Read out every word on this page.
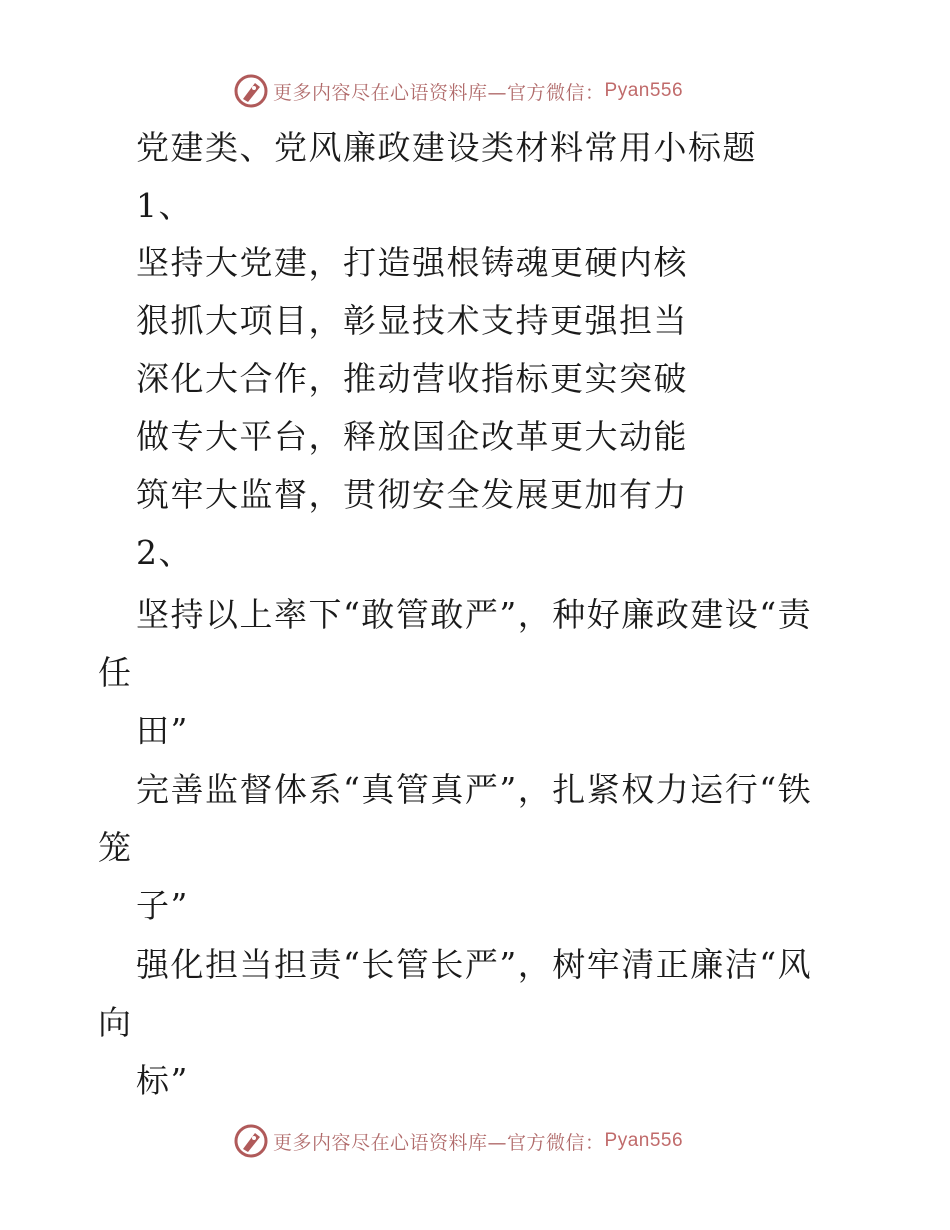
更多内容尽在心语资料库—官方微信： Pyan556
党建类、党风廉政建设类材料常用小标题
1、
坚持大党建，打造强根铸魂更硬内核
狠抓大项目，彰显技术支持更强担当
深化大合作，推动营收指标更实突破
做专大平台，释放国企改革更大动能
筑牢大监督，贯彻安全发展更加有力
2、
坚持以上率下“敢管敢严”，种好廉政建设“责
任
田”
完善监督体系“真管真严”，扎紧权力运行“铁
笼
子”
强化担当担责“长管长严”，树牢清正廉洁“风
向
标”
更多内容尽在心语资料库—官方微信： Pyan556
